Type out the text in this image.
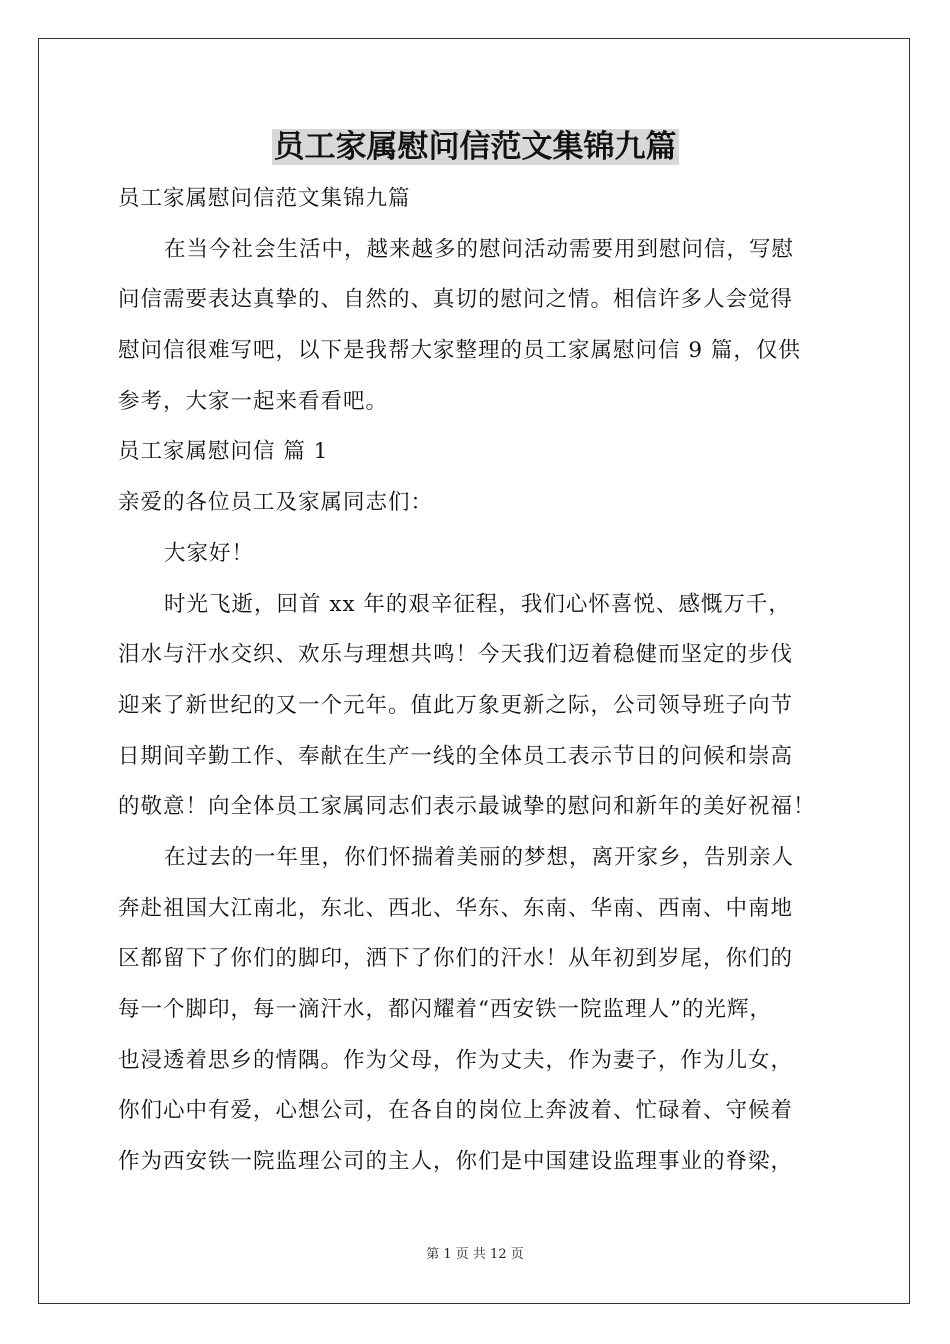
员工家属慰问信范文集锦九篇
员工家属慰问信范文集锦九篇
在当今社会生活中，越来越多的慰问活动需要用到慰问信，写慰
问信需要表达真挚的、自然的、真切的慰问之情。相信许多人会觉得
慰问信很难写吧，以下是我帮大家整理的员工家属慰问信 9 篇，仅供
参考，大家一起来看看吧。
员工家属慰问信 篇 1
亲爱的各位员工及家属同志们：
大家好！
时光飞逝，回首 xx 年的艰辛征程，我们心怀喜悦、感慨万千，
泪水与汗水交织、欢乐与理想共鸣！今天我们迈着稳健而坚定的步伐
迎来了新世纪的又一个元年。值此万象更新之际，公司领导班子向节
日期间辛勤工作、奉献在生产一线的全体员工表示节日的问候和崇高
的敬意！向全体员工家属同志们表示最诚挚的慰问和新年的美好祝福！
在过去的一年里，你们怀揣着美丽的梦想，离开家乡，告别亲人
奔赴祖国大江南北，东北、西北、华东、东南、华南、西南、中南地
区都留下了你们的脚印，洒下了你们的汗水！从年初到岁尾，你们的
每一个脚印，每一滴汗水，都闪耀着“西安铁一院监理人”的光辉，
也浸透着思乡的情隅。作为父母，作为丈夫，作为妻子，作为儿女，
你们心中有爱，心想公司，在各自的岗位上奔波着、忙碌着、守候着
作为西安铁一院监理公司的主人，你们是中国建设监理事业的脊梁，
第 1 页 共 12 页
